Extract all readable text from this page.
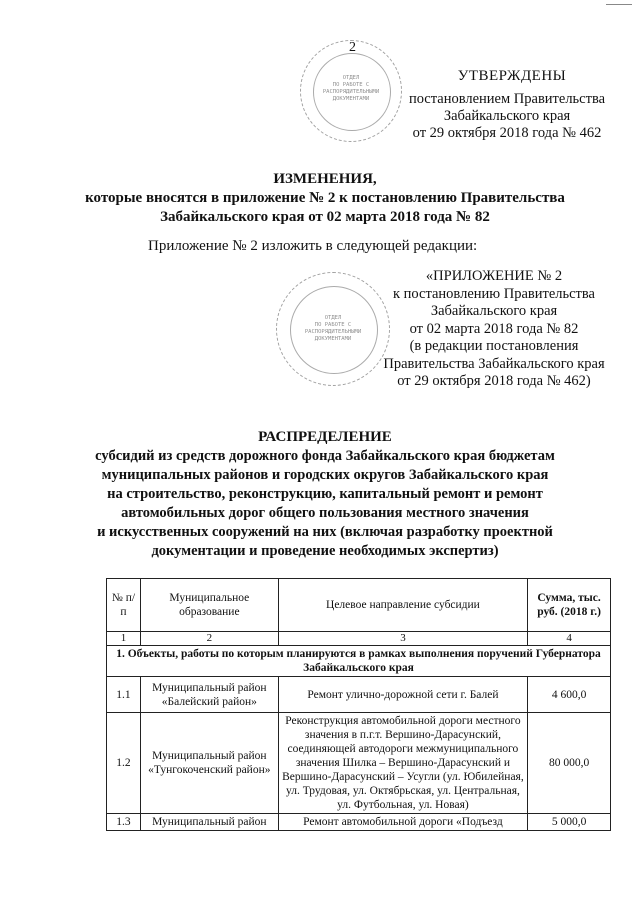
2
ОТДЕЛ
ПО РАБОТЕ С
РАСПОРЯДИТЕЛЬНЫМИ
ДОКУМЕНТАМИ
УТВЕРЖДЕНЫ
постановлением Правительства
Забайкальского края
от 29 октября 2018 года № 462
ИЗМЕНЕНИЯ,
которые вносятся в приложение № 2 к постановлению Правительства
Забайкальского края от 02 марта 2018 года № 82
Приложение № 2 изложить в следующей редакции:
ОТДЕЛ
ПО РАБОТЕ С
РАСПОРЯДИТЕЛЬНЫМИ
ДОКУМЕНТАМИ
«ПРИЛОЖЕНИЕ № 2
к постановлению Правительства
Забайкальского края
от 02 марта 2018 года № 82
(в редакции постановления
Правительства Забайкальского края
от 29 октября 2018 года № 462)
РАСПРЕДЕЛЕНИЕ
субсидий из средств дорожного фонда Забайкальского края бюджетам
муниципальных районов и городских округов Забайкальского края
на строительство, реконструкцию, капитальный ремонт и ремонт
автомобильных дорог общего пользования местного значения
и искусственных сооружений на них (включая разработку проектной
документации и проведение необходимых экспертиз)
№ п/п	Муниципальное образование	Целевое направление субсидии	Сумма, тыс. руб. (2018 г.)
1	2	3	4
1. Объекты, работы по которым планируются в рамках выполнения поручений Губернатора Забайкальского края			
1.1	Муниципальный район «Балейский район»	Ремонт улично-дорожной сети г. Балей	4 600,0
1.2	Муниципальный район «Тунгокоченский район»	Реконструкция автомобильной дороги местного значения в п.г.т. Вершино-Дарасунский, соединяющей автодороги межмуниципального значения Шилка – Вершино-Дарасунский и Вершино-Дарасунский – Усугли (ул. Юбилейная, ул. Трудовая, ул. Октябрьская, ул. Центральная, ул. Футбольная, ул. Новая)	80 000,0
1.3	Муниципальный район	Ремонт автомобильной дороги «Подъезд	5 000,0
